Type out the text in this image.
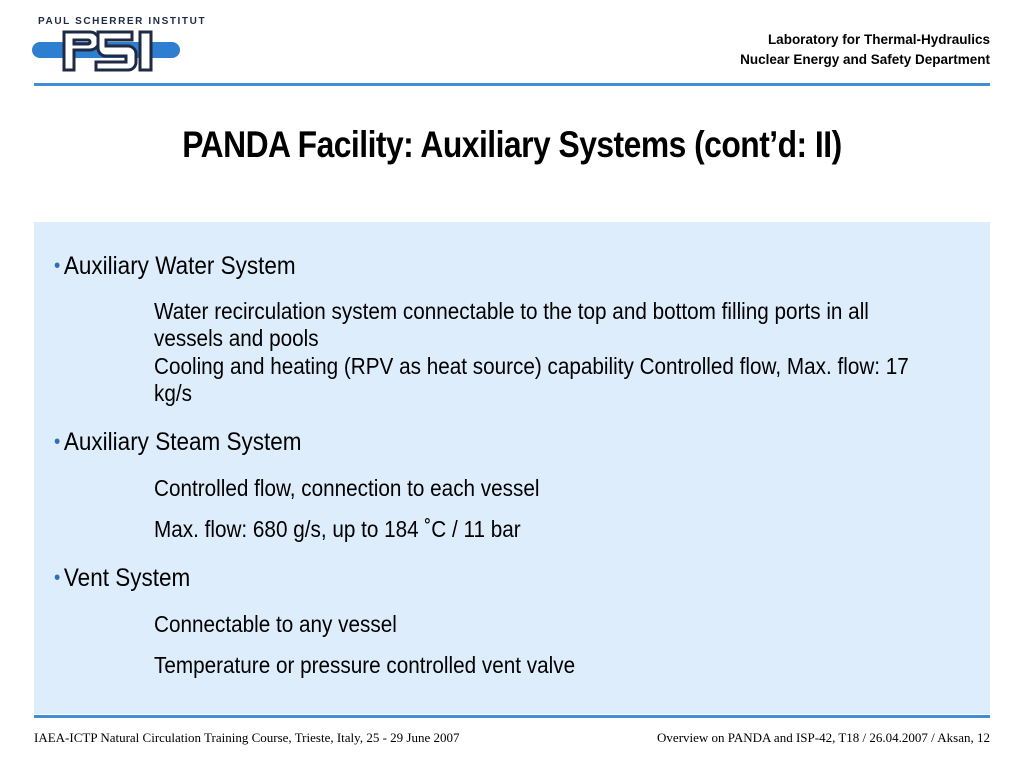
PAUL SCHERRER INSTITUT
Laboratory for Thermal-Hydraulics
Nuclear Energy and Safety Department
PANDA Facility: Auxiliary Systems (cont’d: II)
• Auxiliary Water System
Water recirculation system connectable to the top and bottom filling ports in all vessels and pools
Cooling and heating (RPV as heat source) capability Controlled flow, Max. flow: 17 kg/s
• Auxiliary Steam System
Controlled flow, connection to each vessel
Max. flow: 680 g/s, up to 184 ˚C / 11 bar
• Vent System
Connectable to any vessel
Temperature or pressure controlled vent valve
IAEA-ICTP Natural Circulation Training Course, Trieste, Italy, 25 - 29 June 2007	Overview on PANDA and ISP-42, T18 / 26.04.2007 / Aksan, 12
